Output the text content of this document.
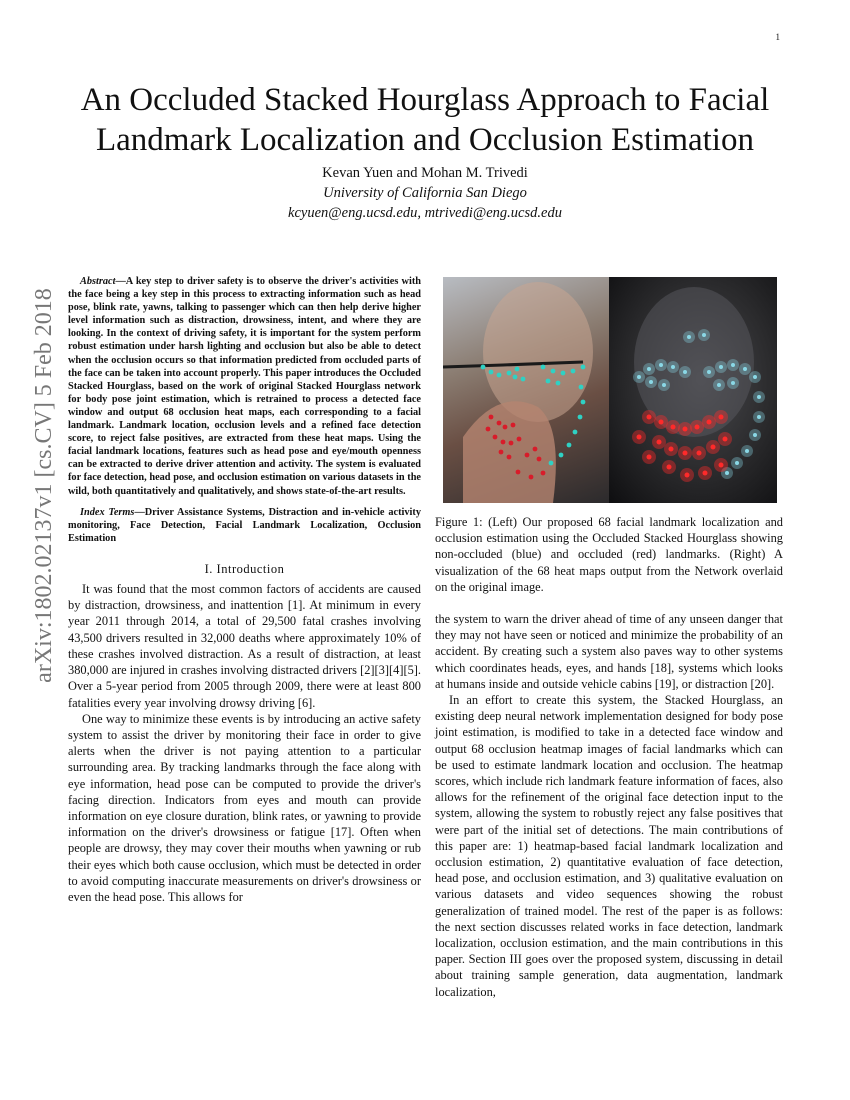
1
arXiv:1802.02137v1 [cs.CV] 5 Feb 2018
An Occluded Stacked Hourglass Approach to Facial Landmark Localization and Occlusion Estimation
Kevan Yuen and Mohan M. Trivedi
University of California San Diego
kcyuen@eng.ucsd.edu, mtrivedi@eng.ucsd.edu

Abstract—A key step to driver safety is to observe the driver's activities with the face being a key step in this process to extracting information such as head pose, blink rate, yawns, talking to passenger which can then help derive higher level information such as distraction, drowsiness, intent, and where they are looking. In the context of driving safety, it is important for the system perform robust estimation under harsh lighting and occlusion but also be able to detect when the occlusion occurs so that information predicted from occluded parts of the face can be taken into account properly. This paper introduces the Occluded Stacked Hourglass, based on the work of original Stacked Hourglass network for body pose joint estimation, which is retrained to process a detected face window and output 68 occlusion heat maps, each corresponding to a facial landmark. Landmark location, occlusion levels and a refined face detection score, to reject false positives, are extracted from these heat maps. Using the facial landmark locations, features such as head pose and eye/mouth openness can be extracted to derive driver attention and activity. The system is evaluated for face detection, head pose, and occlusion estimation on various datasets in the wild, both quantitatively and qualitatively, and shows state-of-the-art results.

Index Terms—Driver Assistance Systems, Distraction and in-vehicle activity monitoring, Face Detection, Facial Landmark Localization, Occlusion Estimation

I. Introduction

It was found that the most common factors of accidents are caused by distraction, drowsiness, and inattention [1]. At minimum in every year 2011 through 2014, a total of 29,500 fatal crashes involving 43,500 drivers resulted in 32,000 deaths where approximately 10% of these crashes involved distraction. As a result of distraction, at least 380,000 are injured in crashes involving distracted drivers [2][3][4][5]. Over a 5-year period from 2005 through 2009, there were at least 800 fatalities every year involving drowsy driving [6].

One way to minimize these events is by introducing an active safety system to assist the driver by monitoring their face in order to give alerts when the driver is not paying attention to a particular surrounding area. By tracking landmarks through the face along with eye information, head pose can be computed to provide the driver's facing direction. Indicators from eyes and mouth can provide information on eye closure duration, blink rates, or yawning to provide information on the driver's drowsiness or fatigue [17]. Often when people are drowsy, they may cover their mouths when yawning or rub their eyes which both cause occlusion, which must be detected in order to avoid computing inaccurate measurements on driver's drowsiness or even the head pose. This allows for

Figure 1: (Left) Our proposed 68 facial landmark localization and occlusion estimation using the Occluded Stacked Hourglass showing non-occluded (blue) and occluded (red) landmarks. (Right) A visualization of the 68 heat maps output from the Network overlaid on the original image.

the system to warn the driver ahead of time of any unseen danger that they may not have seen or noticed and minimize the probability of an accident. By creating such a system also paves way to other systems which coordinates heads, eyes, and hands [18], systems which looks at humans inside and outside vehicle cabins [19], or distraction [20].

In an effort to create this system, the Stacked Hourglass, an existing deep neural network implementation designed for body pose joint estimation, is modified to take in a detected face window and output 68 occlusion heatmap images of facial landmarks which can be used to estimate landmark location and occlusion. The heatmap scores, which include rich landmark feature information of faces, also allows for the refinement of the original face detection input to the system, allowing the system to robustly reject any false positives that were part of the initial set of detections. The main contributions of this paper are: 1) heatmap-based facial landmark localization and occlusion estimation, 2) quantitative evaluation of face detection, head pose, and occlusion estimation, and 3) qualitative evaluation on various datasets and video sequences showing the robust generalization of trained model. The rest of the paper is as follows: the next section discusses related works in face detection, landmark localization, occlusion estimation, and the main contributions in this paper. Section III goes over the proposed system, discussing in detail about training sample generation, data augmentation, landmark localization,
